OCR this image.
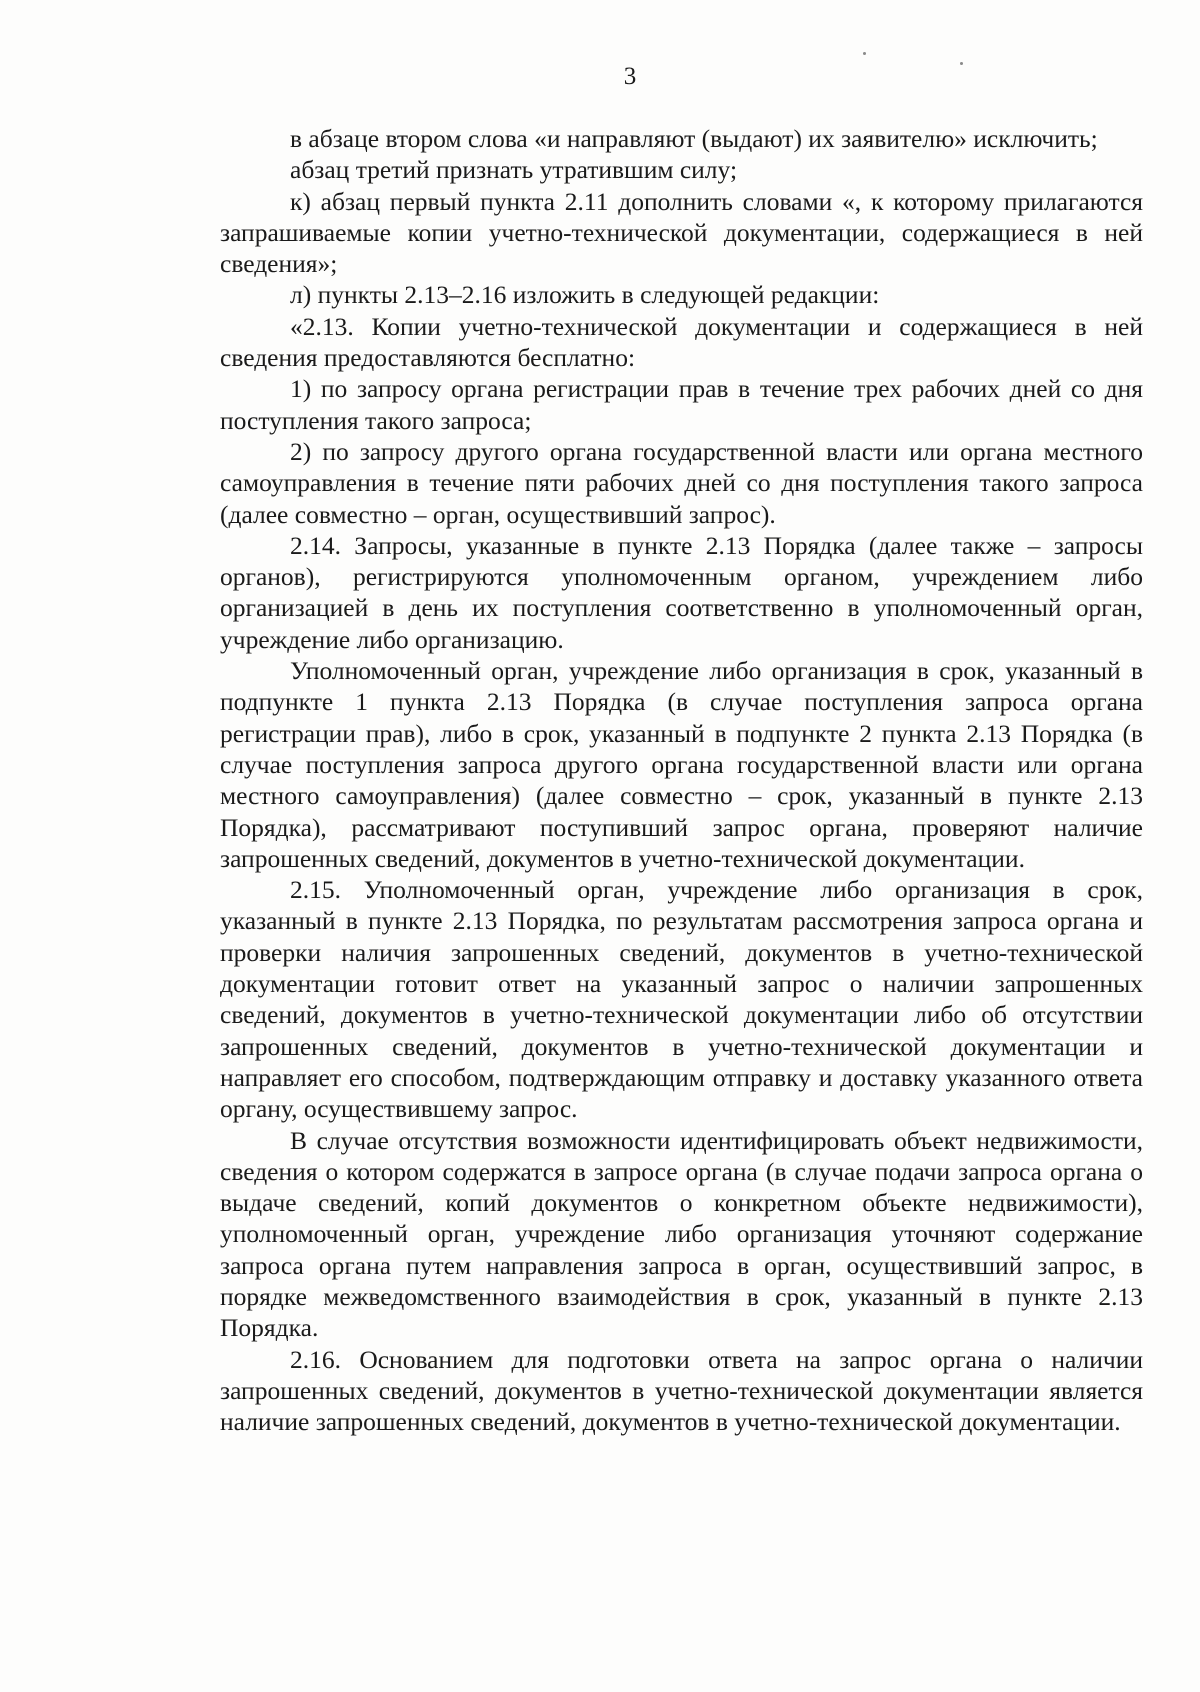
3

в абзаце втором слова «и направляют (выдают) их заявителю» исключить;

абзац третий признать утратившим силу;

к) абзац первый пункта 2.11 дополнить словами «, к которому прилагаются запрашиваемые копии учетно-технической документации, содержащиеся в ней сведения»;

л) пункты 2.13–2.16 изложить в следующей редакции:

«2.13. Копии учетно-технической документации и содержащиеся в ней сведения предоставляются бесплатно:

1) по запросу органа регистрации прав в течение трех рабочих дней со дня поступления такого запроса;

2) по запросу другого органа государственной власти или органа местного самоуправления в течение пяти рабочих дней со дня поступления такого запроса (далее совместно – орган, осуществивший запрос).

2.14. Запросы, указанные в пункте 2.13 Порядка (далее также – запросы органов), регистрируются уполномоченным органом, учреждением либо организацией в день их поступления соответственно в уполномоченный орган, учреждение либо организацию.

Уполномоченный орган, учреждение либо организация в срок, указанный в подпункте 1 пункта 2.13 Порядка (в случае поступления запроса органа регистрации прав), либо в срок, указанный в подпункте 2 пункта 2.13 Порядка (в случае поступления запроса другого органа государственной власти или органа местного самоуправления) (далее совместно – срок, указанный в пункте 2.13 Порядка), рассматривают поступивший запрос органа, проверяют наличие запрошенных сведений, документов в учетно-технической документации.

2.15. Уполномоченный орган, учреждение либо организация в срок, указанный в пункте 2.13 Порядка, по результатам рассмотрения запроса органа и проверки наличия запрошенных сведений, документов в учетно-технической документации готовит ответ на указанный запрос о наличии запрошенных сведений, документов в учетно-технической документации либо об отсутствии запрошенных сведений, документов в учетно-технической документации и направляет его способом, подтверждающим отправку и доставку указанного ответа органу, осуществившему запрос.

В случае отсутствия возможности идентифицировать объект недвижимости, сведения о котором содержатся в запросе органа (в случае подачи запроса органа о выдаче сведений, копий документов о конкретном объекте недвижимости), уполномоченный орган, учреждение либо организация уточняют содержание запроса органа путем направления запроса в орган, осуществивший запрос, в порядке межведомственного взаимодействия в срок, указанный в пункте 2.13 Порядка.

2.16. Основанием для подготовки ответа на запрос органа о наличии запрошенных сведений, документов в учетно-технической документации является наличие запрошенных сведений, документов в учетно-технической документации.
